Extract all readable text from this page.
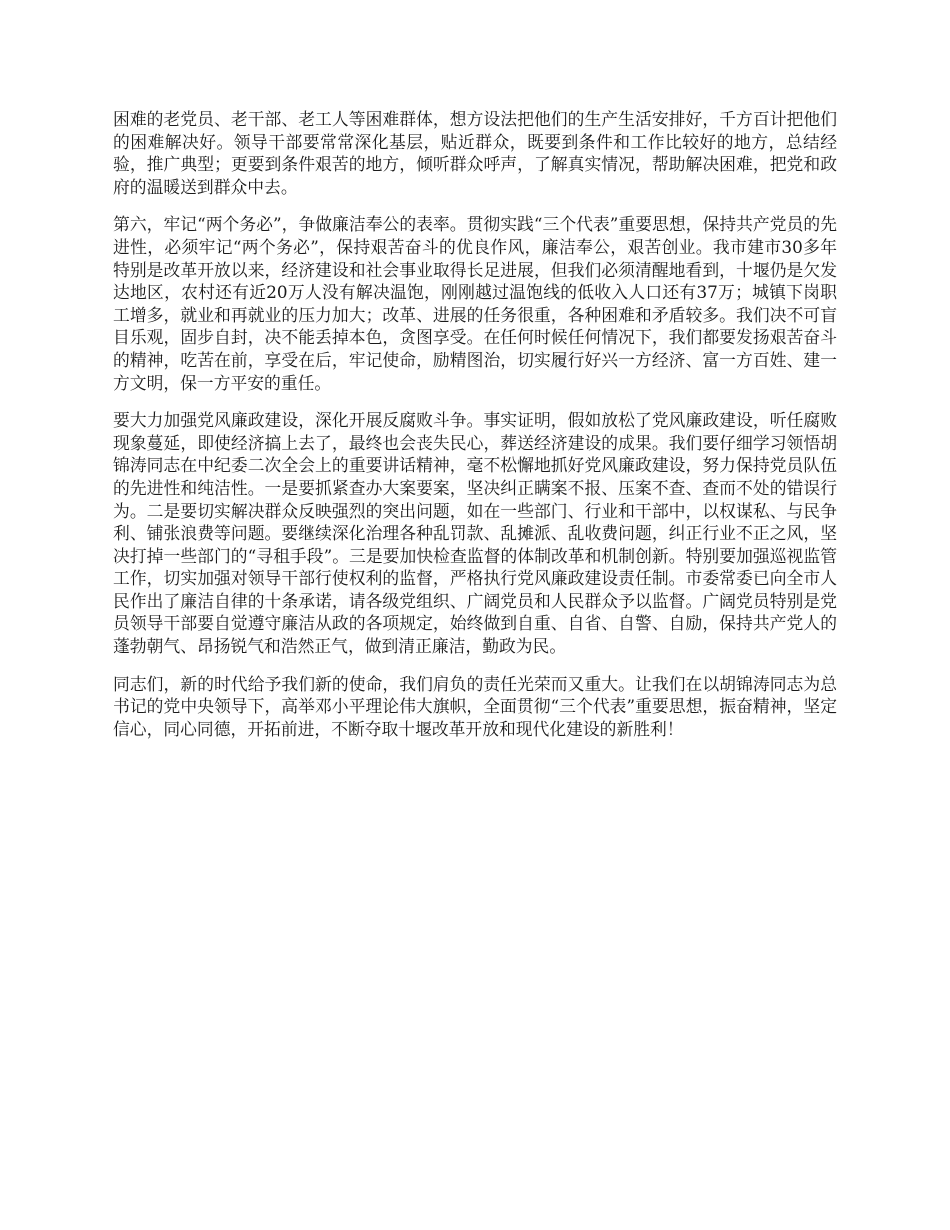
困难的老党员、老干部、老工人等困难群体，想方设法把他们的生产生活安排好，千方百计把他们的困难解决好。领导干部要常常深化基层，贴近群众，既要到条件和工作比较好的地方，总结经验，推广典型；更要到条件艰苦的地方，倾听群众呼声，了解真实情况，帮助解决困难，把党和政府的温暖送到群众中去。

第六，牢记“两个务必”，争做廉洁奉公的表率。贯彻实践“三个代表”重要思想，保持共产党员的先进性，必须牢记“两个务必”，保持艰苦奋斗的优良作风，廉洁奉公，艰苦创业。我市建市30多年特别是改革开放以来，经济建设和社会事业取得长足进展，但我们必须清醒地看到，十堰仍是欠发达地区，农村还有近20万人没有解决温饱，刚刚越过温饱线的低收入人口还有37万；城镇下岗职工增多，就业和再就业的压力加大；改革、进展的任务很重，各种困难和矛盾较多。我们决不可盲目乐观，固步自封，决不能丢掉本色，贪图享受。在任何时候任何情况下，我们都要发扬艰苦奋斗的精神，吃苦在前，享受在后，牢记使命，励精图治，切实履行好兴一方经济、富一方百姓、建一方文明，保一方平安的重任。

要大力加强党风廉政建设，深化开展反腐败斗争。事实证明，假如放松了党风廉政建设，听任腐败现象蔓延，即使经济搞上去了，最终也会丧失民心，葬送经济建设的成果。我们要仔细学习领悟胡锦涛同志在中纪委二次全会上的重要讲话精神，毫不松懈地抓好党风廉政建设，努力保持党员队伍的先进性和纯洁性。一是要抓紧查办大案要案，坚决纠正瞒案不报、压案不查、查而不处的错误行为。二是要切实解决群众反映强烈的突出问题，如在一些部门、行业和干部中，以权谋私、与民争利、铺张浪费等问题。要继续深化治理各种乱罚款、乱摊派、乱收费问题，纠正行业不正之风，坚决打掉一些部门的“寻租手段”。三是要加快检查监督的体制改革和机制创新。特别要加强巡视监管工作，切实加强对领导干部行使权利的监督，严格执行党风廉政建设责任制。市委常委已向全市人民作出了廉洁自律的十条承诺，请各级党组织、广阔党员和人民群众予以监督。广阔党员特别是党员领导干部要自觉遵守廉洁从政的各项规定，始终做到自重、自省、自警、自励，保持共产党人的蓬勃朝气、昂扬锐气和浩然正气，做到清正廉洁，勤政为民。

同志们，新的时代给予我们新的使命，我们肩负的责任光荣而又重大。让我们在以胡锦涛同志为总书记的党中央领导下，高举邓小平理论伟大旗帜，全面贯彻“三个代表”重要思想，振奋精神，坚定信心，同心同德，开拓前进，不断夺取十堰改革开放和现代化建设的新胜利！
